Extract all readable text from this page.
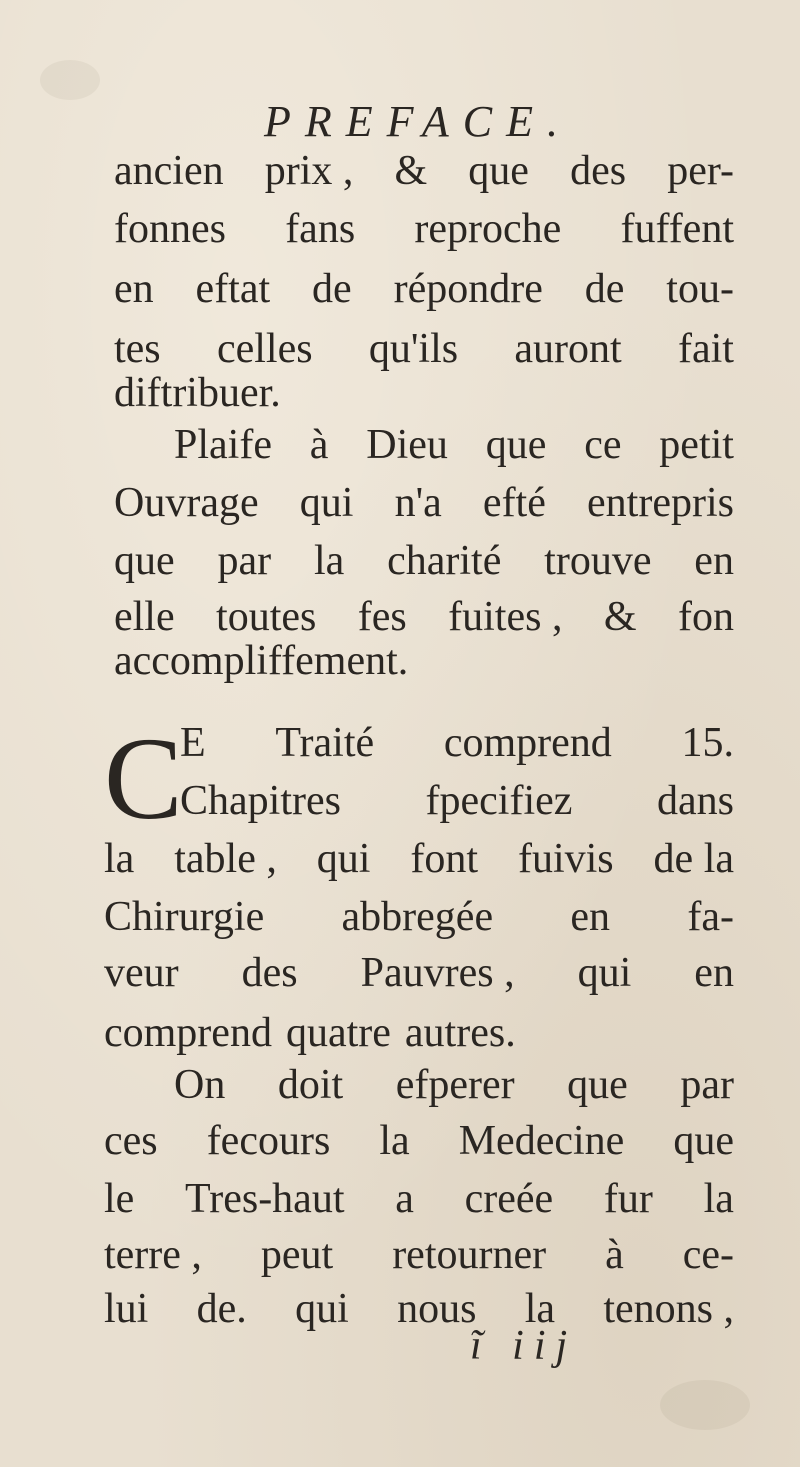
PREFACE.
ancien prix , & que des per-
fonnes fans reproche fuffent
en eftat de répondre de tou-
tes celles qu'ils auront fait
diftribuer.
Plaife à Dieu que ce petit
Ouvrage qui n'a efté entrepris
que par la charité trouve en
elle toutes fes fuites , & fon
accompliffement.
C
E Traité comprend 15.
Chapitres fpecifiez dans
la table , qui font fuivis de la
Chirurgie abbregée en fa-
veur des Pauvres , qui en
comprend quatre autres.
On doit efperer que par
ces fecours la Medecine que
le Tres-haut a creée fur la
terre , peut retourner à ce-
lui de. qui nous la tenons ,
ĩ iij
